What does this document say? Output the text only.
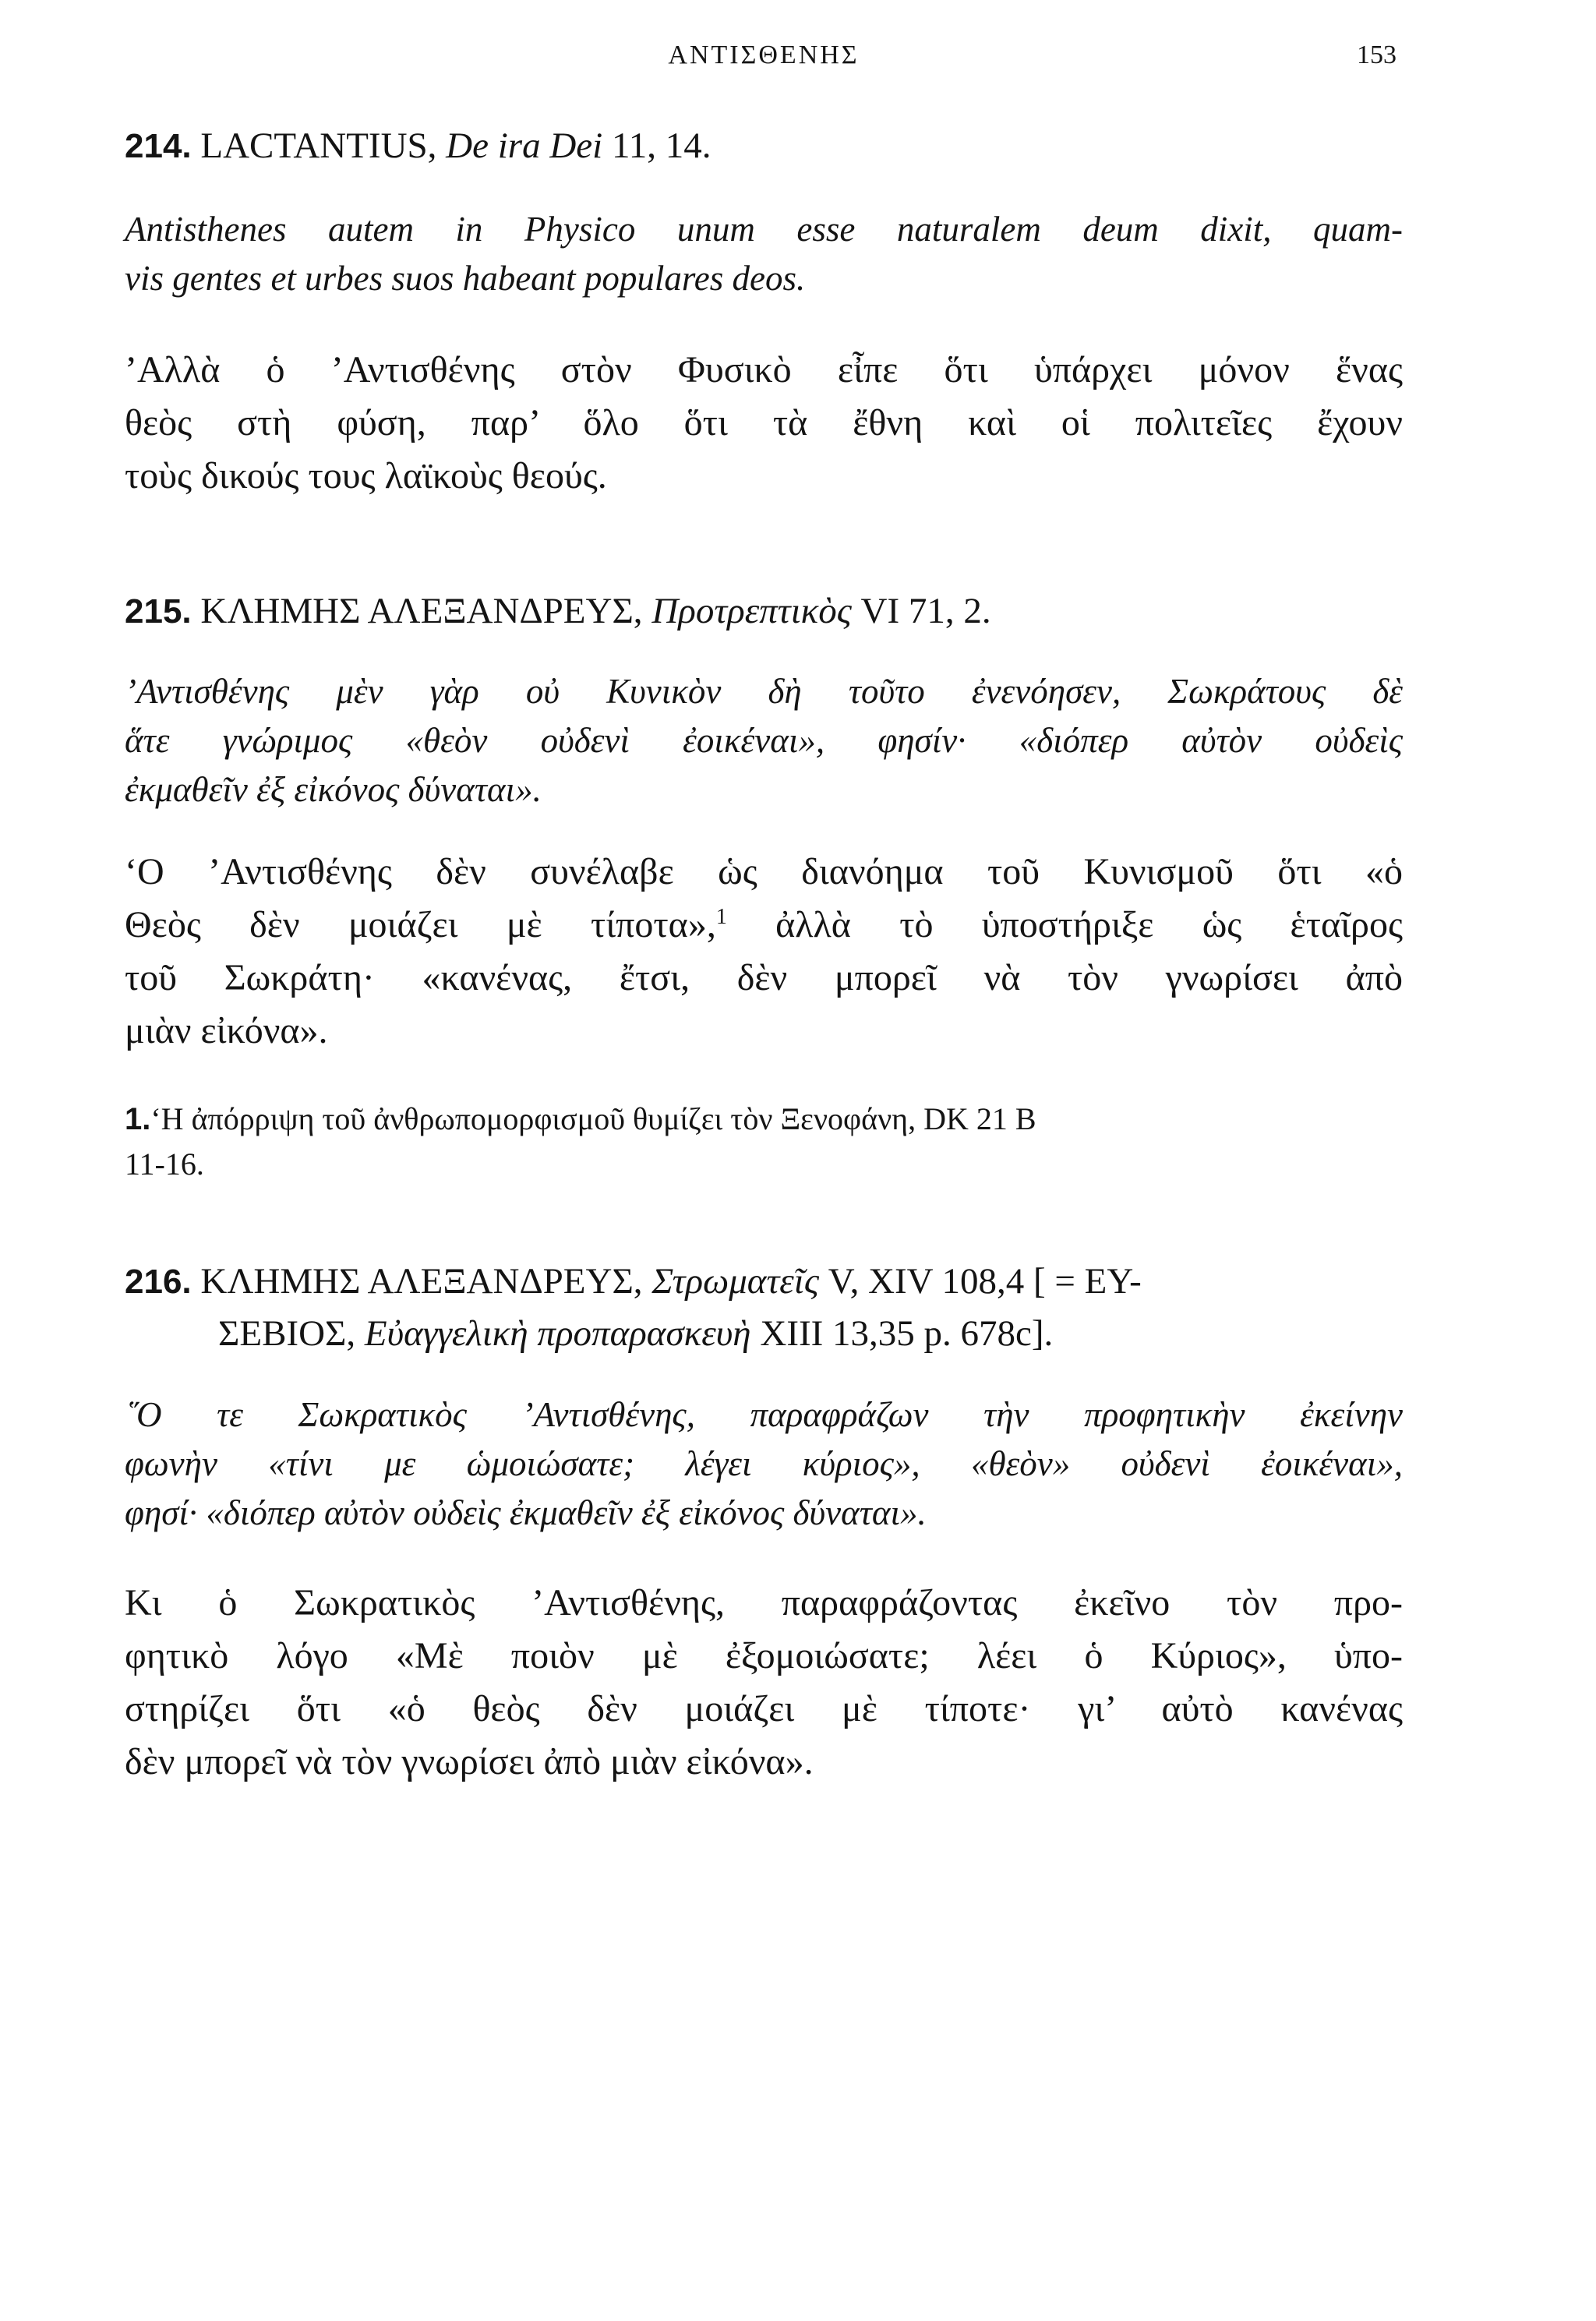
ΑΝΤΙΣΘΕΝΗΣ	153

214. LACTANTIUS, De ira Dei 11, 14.

Antisthenes autem in Physico unum esse naturalem deum dixit, quam-
vis gentes et urbes suos habeant populares deos.

’Αλλὰ ὁ ’Αντισθένης στὸν Φυσικὸ εἶπε ὅτι ὑπάρχει μόνον ἕνας
θεὸς στὴ φύση, παρ’ ὅλο ὅτι τὰ ἔθνη καὶ οἱ πολιτεῖες ἔχουν
τοὺς δικούς τους λαϊκοὺς θεούς.

215. ΚΛΗΜΗΣ ΑΛΕΞΑΝΔΡΕΥΣ, Προτρεπτικὸς VI 71, 2.

’Αντισθένης μὲν γὰρ οὐ Κυνικὸν δὴ τοῦτο ἐνενόησεν, Σωκράτους δὲ
ἅτε γνώριμος «θεὸν οὐδενὶ ἐοικέναι», φησίν· «διόπερ αὐτὸν οὐδεὶς
ἐκμαθεῖν ἐξ εἰκόνος δύναται».

‘Ο ’Αντισθένης δὲν συνέλαβε ὡς διανόημα τοῦ Κυνισμοῦ ὅτι «ὁ
Θεὸς δὲν μοιάζει μὲ τίποτα»,$^1$ ἀλλὰ τὸ ὑποστήριξε ὡς ἑταῖρος
τοῦ Σωκράτη· «κανένας, ἔτσι, δὲν μπορεῖ νὰ τὸν γνωρίσει ἀπὸ
μιὰν εἰκόνα».

1.‘Η ἀπόρριψη τοῦ ἀνθρωπομορφισμοῦ θυμίζει τὸν Ξενοφάνη, DK 21 B
11-16.

216. ΚΛΗΜΗΣ ΑΛΕΞΑΝΔΡΕΥΣ, Στρωματεῖς V, XIV 108,4 [ = ΕΥ-

ΣΕΒΙΟΣ, Εὐαγγελικὴ προπαρασκευὴ XIII 13,35 p. 678c].

῞Ο τε Σωκρατικὸς ’Αντισθένης, παραφράζων τὴν προφητικὴν ἐκείνην
φωνὴν «τίνι με ὡμοιώσατε; λέγει κύριος», «θεὸν» οὐδενὶ ἐοικέναι»,
φησί· «διόπερ αὐτὸν οὐδεὶς ἐκμαθεῖν ἐξ εἰκόνος δύναται».

Κι ὁ Σωκρατικὸς ’Αντισθένης, παραφράζοντας ἐκεῖνο τὸν προ-
φητικὸ λόγο «Μὲ ποιὸν μὲ ἐξομοιώσατε; λέει ὁ Κύριος», ὑπο-
στηρίζει ὅτι «ὁ θεὸς δὲν μοιάζει μὲ τίποτε· γι’ αὐτὸ κανένας
δὲν μπορεῖ νὰ τὸν γνωρίσει ἀπὸ μιὰν εἰκόνα».
